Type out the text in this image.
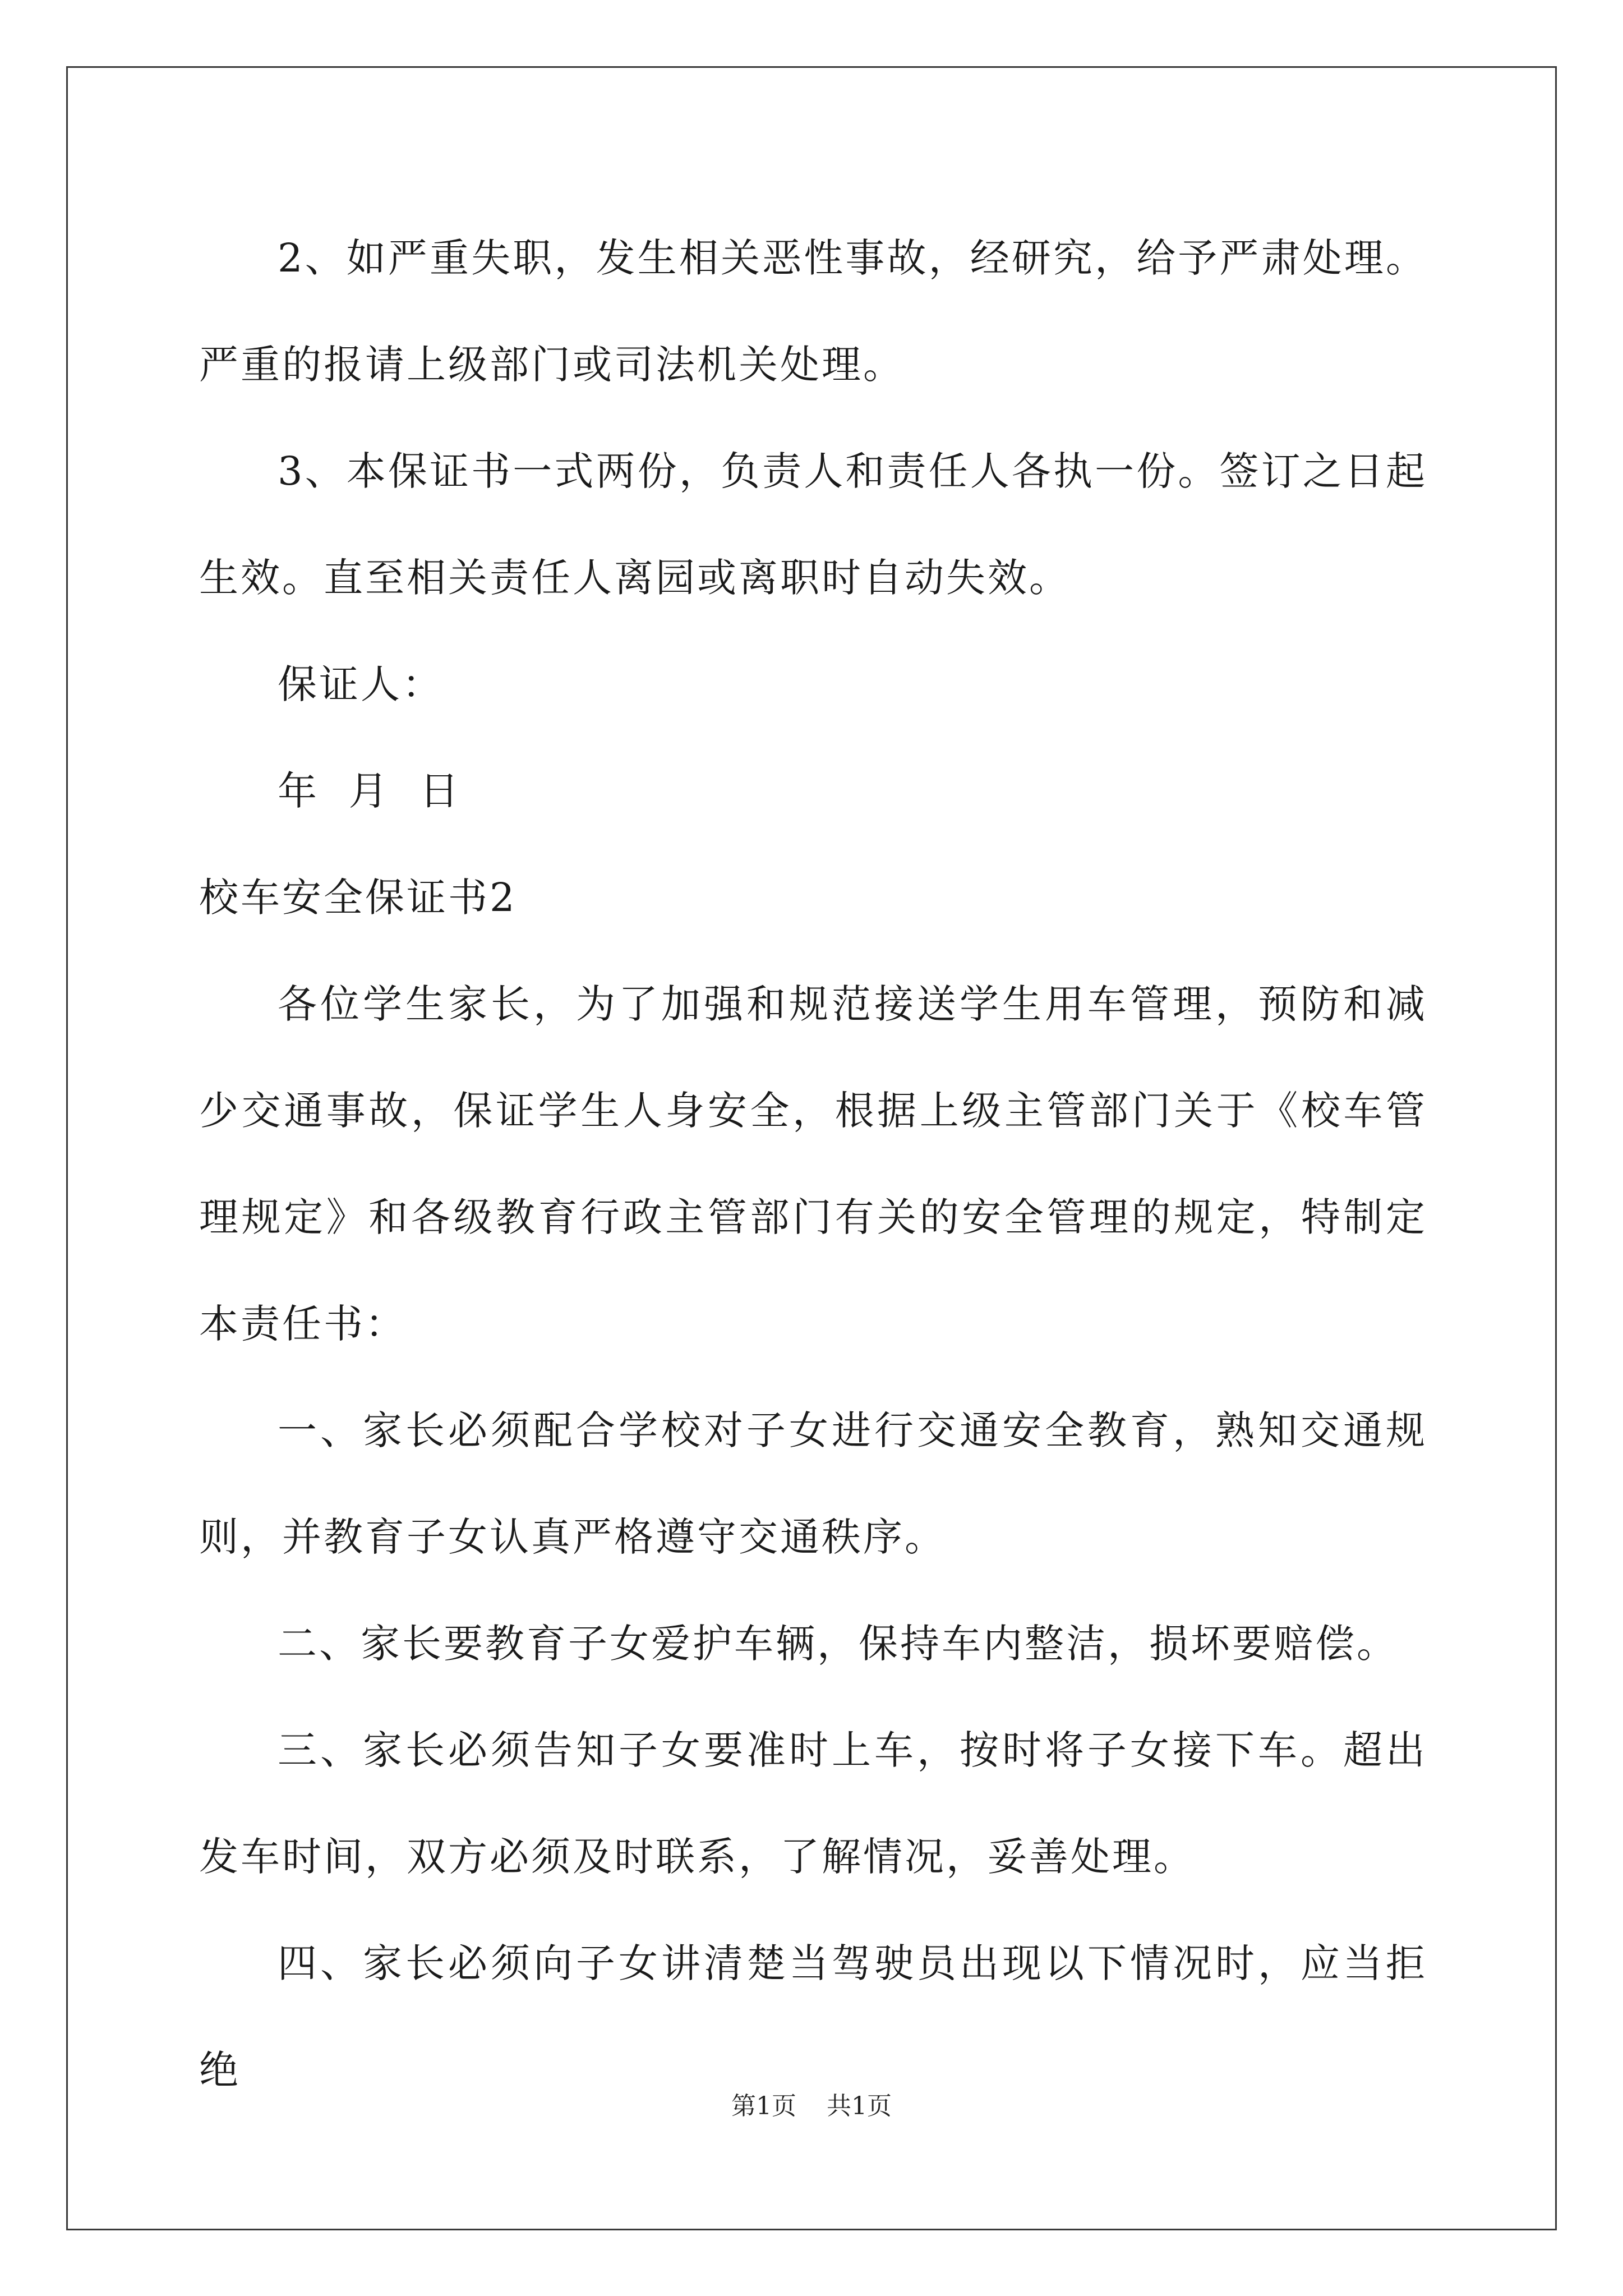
2、如严重失职，发生相关恶性事故，经研究，给予严肃处理。严重的报请上级部门或司法机关处理。

3、本保证书一式两份，负责人和责任人各执一份。签订之日起生效。直至相关责任人离园或离职时自动失效。

保证人：

年  月  日

校车安全保证书2

各位学生家长，为了加强和规范接送学生用车管理，预防和减少交通事故，保证学生人身安全，根据上级主管部门关于《校车管理规定》和各级教育行政主管部门有关的安全管理的规定，特制定本责任书：

一、家长必须配合学校对子女进行交通安全教育，熟知交通规则，并教育子女认真严格遵守交通秩序。

二、家长要教育子女爱护车辆，保持车内整洁，损坏要赔偿。

三、家长必须告知子女要准时上车，按时将子女接下车。超出发车时间，双方必须及时联系，了解情况，妥善处理。

四、家长必须向子女讲清楚当驾驶员出现以下情况时，应当拒绝

第1页 共1页
